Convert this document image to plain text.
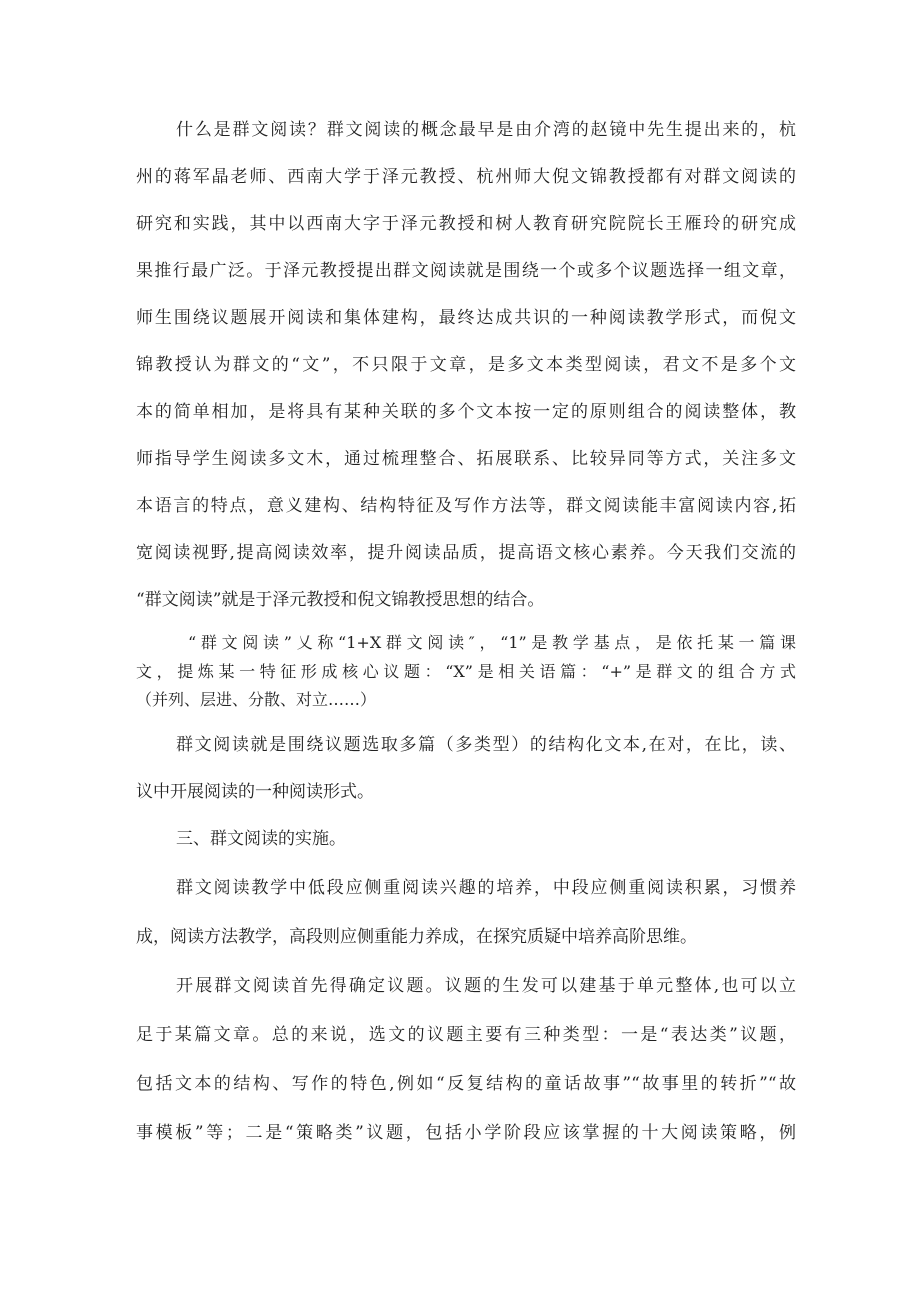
什么是群文阅读？群文阅读的概念最早是由介湾的赵镜中先生提出来的，杭

州的蒋军晶老师、西南大学于泽元教授、杭州师大倪文锦教授都有对群文阅读的

研究和实践，其中以西南大字于泽元教授和树人教育研究院院长王雁玲的研究成

果推行最广泛。于泽元教授提出群文阅读就是围绕一个或多个议题选择一组文章，

师生围绕议题展开阅读和集体建构，最终达成共识的一种阅读教学形式，而倪文

锦教授认为群文的“文”，不只限于文章，是多文本类型阅读，君文不是多个文

本的简单相加，是将具有某种关联的多个文本按一定的原则组合的阅读整体，教

师指导学生阅读多文木，通过梳理整合、拓展联系、比较异同等方式，关注多文

本语言的特点，意义建构、结构特征及写作方法等，群文阅读能丰富阅读内容,拓

宽阅读视野,提高阅读效率，提升阅读品质，提高语文核心素养。今天我们交流的

“群文阅读”就是于泽元教授和倪文锦教授思想的结合。

“群文阅读”乂称“1+X群文阅读″，“1”是教学基点，是依托某一篇课

文，提炼某一特征形成核心议题：“X”是相关语篇：“+”是群文的组合方式

（并列、层进、分散、对立……）

群文阅读就是围绕议题选取多篇（多类型）的结构化文本,在对，在比，读、

议中开展阅读的一种阅读形式。

三、群文阅读的实施。

群文阅读教学中低段应侧重阅读兴趣的培养，中段应侧重阅读积累，习惯养

成，阅读方法教学，高段则应侧重能力养成，在探究质疑中培养高阶思维。

开展群文阅读首先得确定议题。议题的生发可以建基于单元整体,也可以立

足于某篇文章。总的来说，选文的议题主要有三种类型：一是“表达类”议题，

包括文本的结构、写作的特色,例如“反复结构的童话故事”“故事里的转折”“故

事模板”等；二是“策略类”议题，包括小学阶段应该掌握的十大阅读策略，例
